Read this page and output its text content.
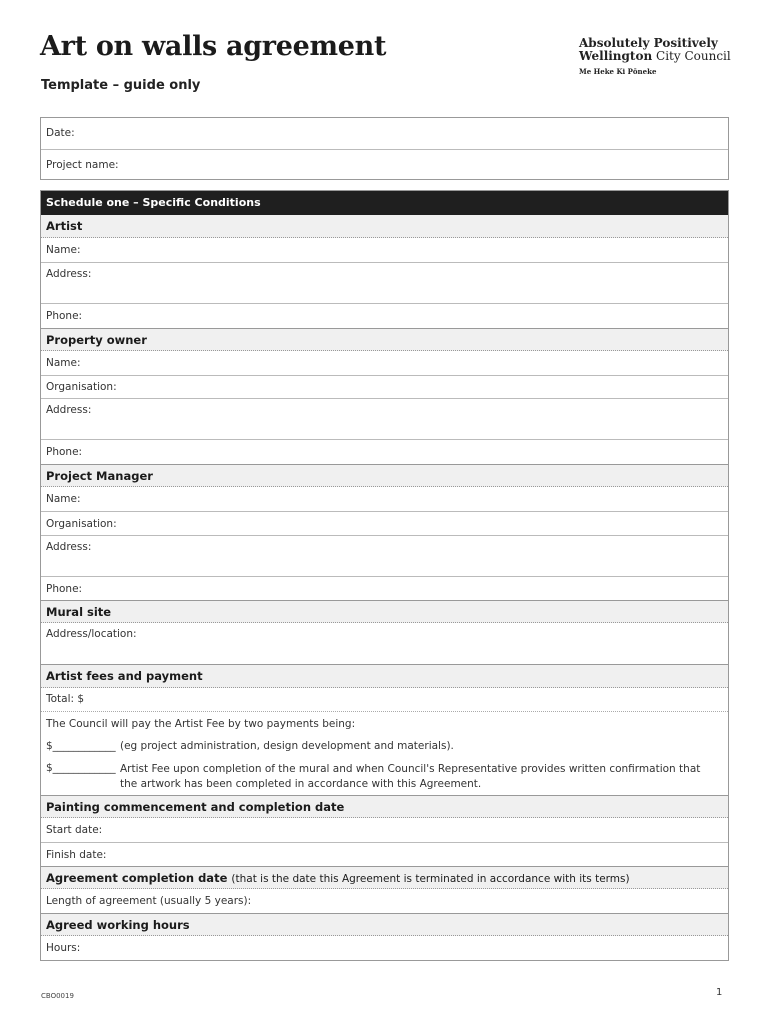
Art on walls agreement
Template – guide only
Absolutely Positively
Wellington City Council
Me Heke Ki Pōneke
Date:
Project name:
Schedule one – Specific Conditions
Artist
Name:
Address:
Phone:
Property owner
Name:
Organisation:
Address:
Phone:
Project Manager
Name:
Organisation:
Address:
Phone:
Mural site
Address/location:
Artist fees and payment
Total: $
The Council will pay the Artist Fee by two payments being:
$____________ (eg project administration, design development and materials).
$____________ Artist Fee upon completion of the mural and when Council's Representative provides written confirmation that the artwork has been completed in accordance with this Agreement.
Painting commencement and completion date
Start date:
Finish date:
Agreement completion date (that is the date this Agreement is terminated in accordance with its terms)
Length of agreement (usually 5 years):
Agreed working hours
Hours:
CBO0019	1
